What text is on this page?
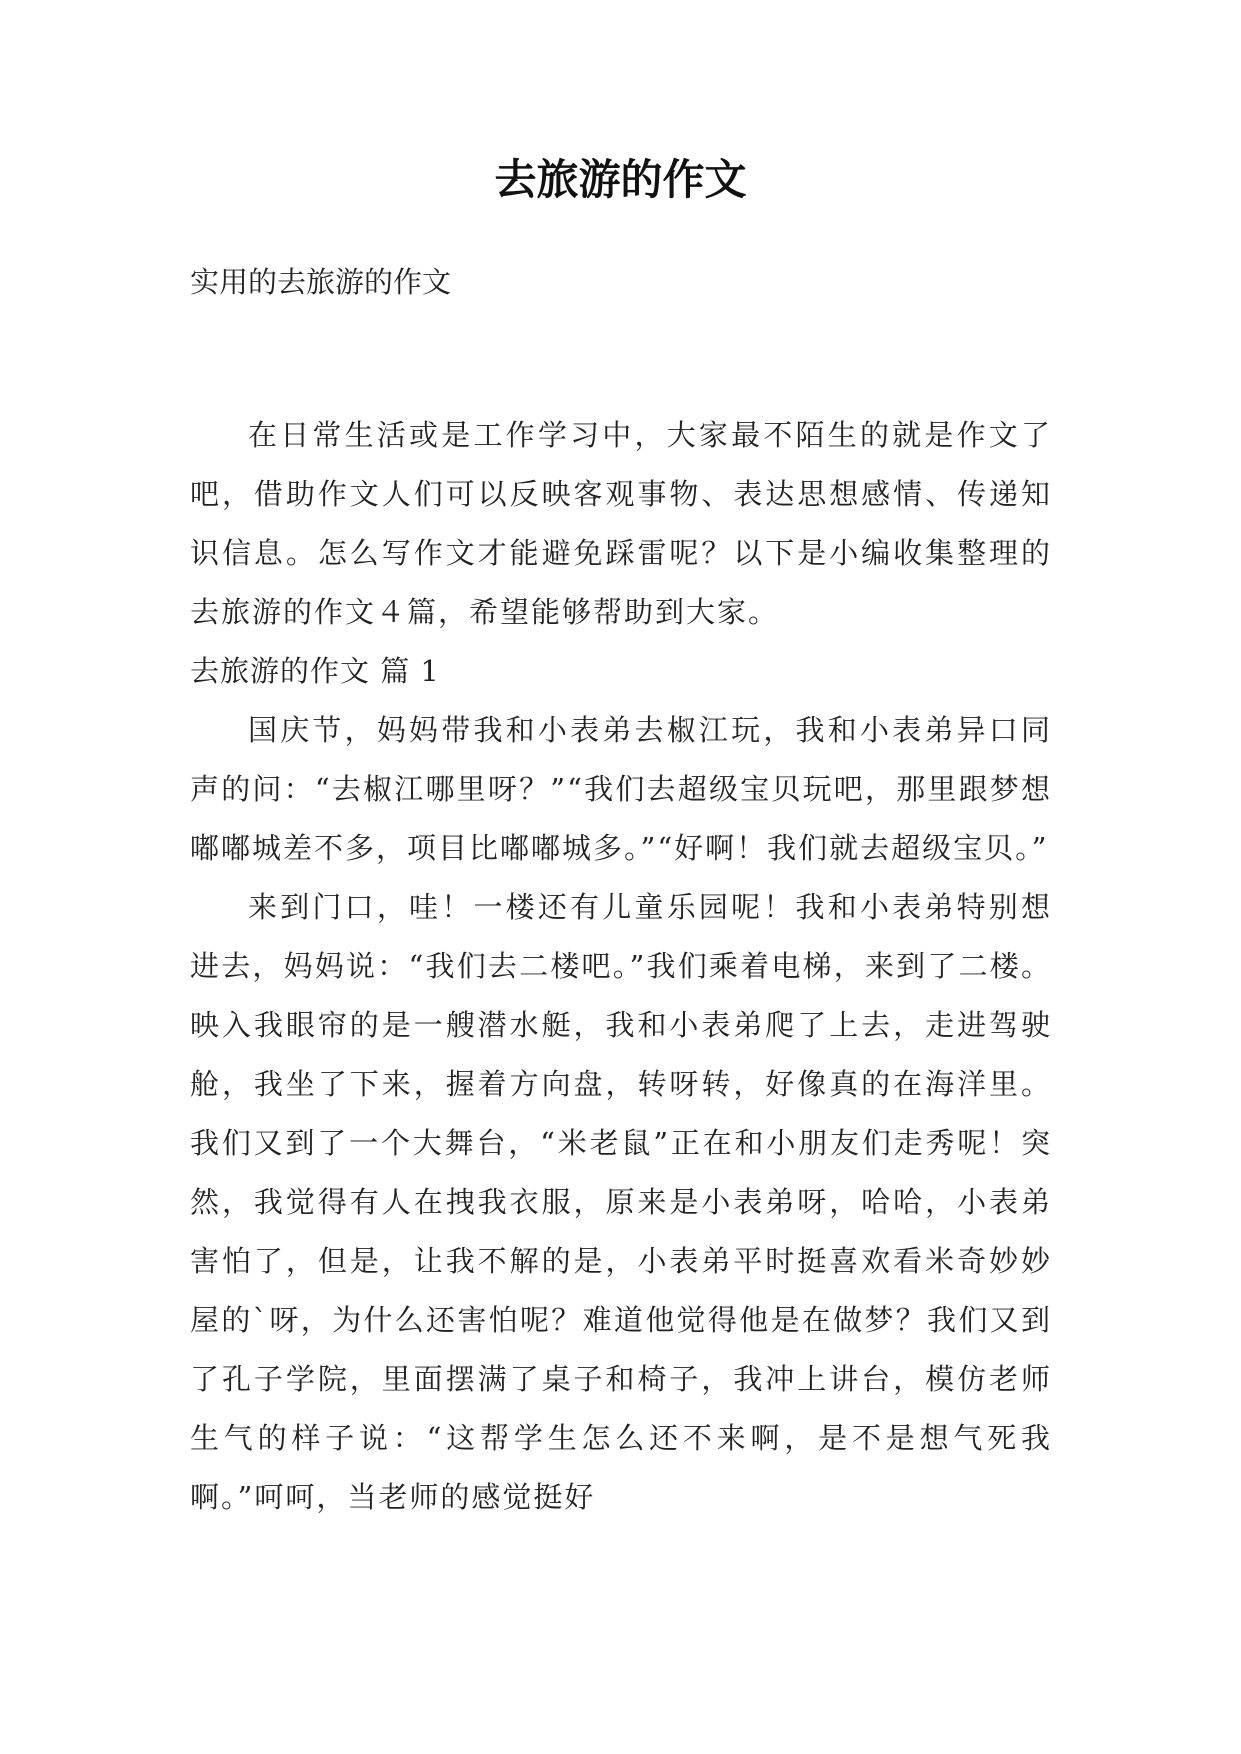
去旅游的作文

实用的去旅游的作文

在日常生活或是工作学习中，大家最不陌生的就是作文了吧，借助作文人们可以反映客观事物、表达思想感情、传递知识信息。怎么写作文才能避免踩雷呢？以下是小编收集整理的去旅游的作文４篇，希望能够帮助到大家。

去旅游的作文 篇 1

国庆节，妈妈带我和小表弟去椒江玩，我和小表弟异口同声的问：“去椒江哪里呀？”“我们去超级宝贝玩吧，那里跟梦想嘟嘟城差不多，项目比嘟嘟城多。”“好啊！我们就去超级宝贝。”

来到门口，哇！一楼还有儿童乐园呢！我和小表弟特别想进去，妈妈说：“我们去二楼吧。”我们乘着电梯，来到了二楼。映入我眼帘的是一艘潜水艇，我和小表弟爬了上去，走进驾驶舱，我坐了下来，握着方向盘，转呀转，好像真的在海洋里。我们又到了一个大舞台，“米老鼠”正在和小朋友们走秀呢！突然，我觉得有人在拽我衣服，原来是小表弟呀，哈哈，小表弟害怕了，但是，让我不解的是，小表弟平时挺喜欢看米奇妙妙屋的`呀，为什么还害怕呢？难道他觉得他是在做梦？我们又到了孔子学院，里面摆满了桌子和椅子，我冲上讲台，模仿老师生气的样子说：“这帮学生怎么还不来啊，是不是想气死我啊。”呵呵，当老师的感觉挺好
